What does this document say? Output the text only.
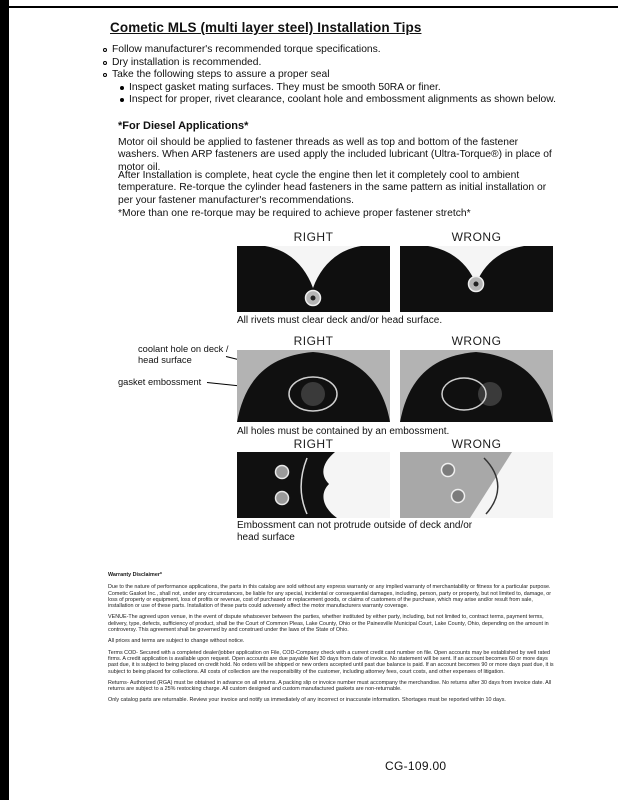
Cometic MLS (multi layer steel) Installation Tips
Follow manufacturer's recommended torque specifications.
Dry installation is recommended.
Take the following steps to assure a proper seal
Inspect gasket mating surfaces. They must be smooth 50RA or finer.
Inspect for proper, rivet clearance, coolant hole and embossment alignments as shown below.
*For Diesel Applications*

Motor oil should be applied to fastener threads as well as top and bottom of the fastener washers. When ARP fasteners are used apply the included lubricant (Ultra-Torque®) in place of motor oil.

After Installation is complete, heat cycle the engine then let it completely cool to ambient temperature. Re-torque the cylinder head fasteners in the same pattern as initial installation or per your fastener manufacturer's recommendations.

*More than one re-torque may be required to achieve proper fastener stretch*

RIGHT	WRONG
All rivets must clear deck and/or head surface.
RIGHT	WRONG
coolant hole on deck / head surface
gasket embossment
All holes must be contained by an embossment.
RIGHT	WRONG
Embossment can not protrude outside of deck and/or head surface
Warranty Disclaimer*

Due to the nature of performance applications, the parts in this catalog are sold without any express warranty or any implied warranty of merchantability or fitness for a particular purpose. Cometic Gasket Inc., shall not, under any circumstances, be liable for any special, incidental or consequential damages, including, person, party or property, but not limited to, damage, or loss of property or equipment, loss of profits or revenue, cost of purchased or replacement goods, or claims of customers of the purchase, which may arise and/or result from sale, installation or use of these parts. Installation of these parts could adversely affect the motor manufacturers warranty coverage.

VENUE-The agreed upon venue, in the event of dispute whatsoever between the parties, whether instituted by either party, including, but not limited to, contract terms, payment terms, delivery, type, defects, sufficiency of product, shall be the Court of Common Pleas, Lake County, Ohio or the Painesville Municipal Court, Lake County, Ohio, depending on the amount in controversy. This agreement shall be governed by and construed under the laws of the State of Ohio.

All prices and terms are subject to change without notice.

Terms COD- Secured with a completed dealer/jobber application on File, COD-Company check with a current credit card number on file. Open accounts may be established by well rated firms. A credit application is available upon request. Open accounts are due payable Net 30 days from date of invoice. No statement will be sent. If an account becomes 60 or more days past due, it is subject to being placed on credit hold. No orders will be shipped or new orders accepted until past due balance is paid. If an account becomes 90 or more days past due, it is subject to being placed for collections. All costs of collection are the responsibility of the customer, including attorney fees, court costs, and other expenses of litigation.

Returns- Authorized (RGA) must be obtained in advance on all returns. A packing slip or invoice number must accompany the merchandise. No returns after 30 days from invoice date. All returns are subject to a 25% restocking charge. All custom designed and custom manufactured gaskets are non-returnable.

Only catalog parts are returnable. Review your invoice and notify us immediately of any incorrect or inaccurate information. Shortages must be reported within 10 days.

CG-109.00
